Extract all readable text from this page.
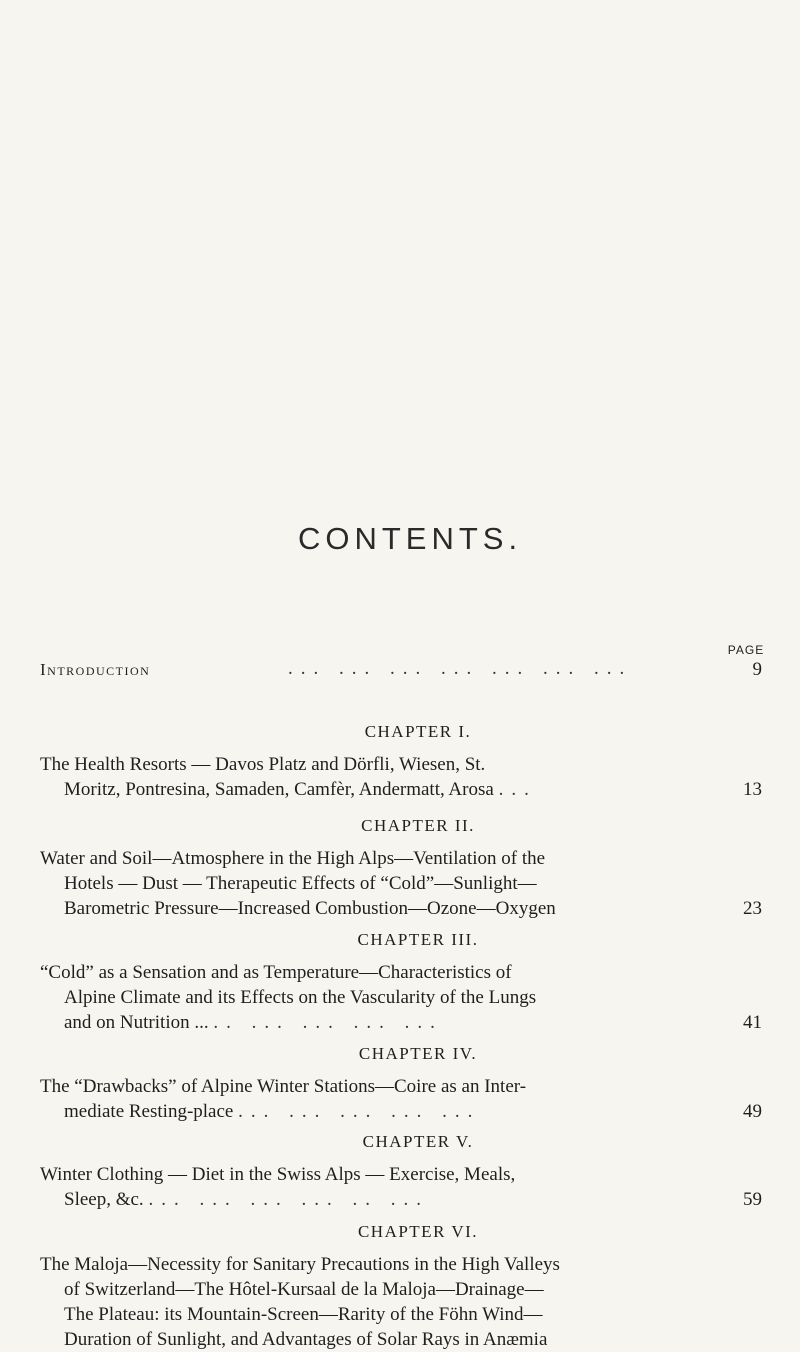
CONTENTS.
PAGE
Introduction	... ... ... ... ... ... ...	9
CHAPTER I.
The Health Resorts — Davos Platz and Dörfli, Wiesen, St.
Moritz, Pontresina, Samaden, Camfèr, Andermatt, Arosa ...	13
CHAPTER II.
Water and Soil—Atmosphere in the High Alps—Ventilation of the
Hotels — Dust — Therapeutic Effects of “Cold”—Sunlight—
Barometric Pressure—Increased Combustion—Ozone—Oxygen	23
CHAPTER III.
“Cold” as a Sensation and as Temperature—Characteristics of
Alpine Climate and its Effects on the Vascularity of the Lungs
and on Nutrition ... .. ... ... ... ...	41
CHAPTER IV.
The “Drawbacks” of Alpine Winter Stations—Coire as an Inter-
mediate Resting-place ... ... ... ... ...	49
CHAPTER V.
Winter Clothing — Diet in the Swiss Alps — Exercise, Meals,
Sleep, &c. ... ... ... ... .. ...	59
CHAPTER VI.
The Maloja—Necessity for Sanitary Precautions in the High Valleys
of Switzerland—The Hôtel-Kursaal de la Maloja—Drainage—
The Plateau: its Mountain-Screen—Rarity of the Föhn Wind—
Duration of Sunlight, and Advantages of Solar Rays in Anæmia
